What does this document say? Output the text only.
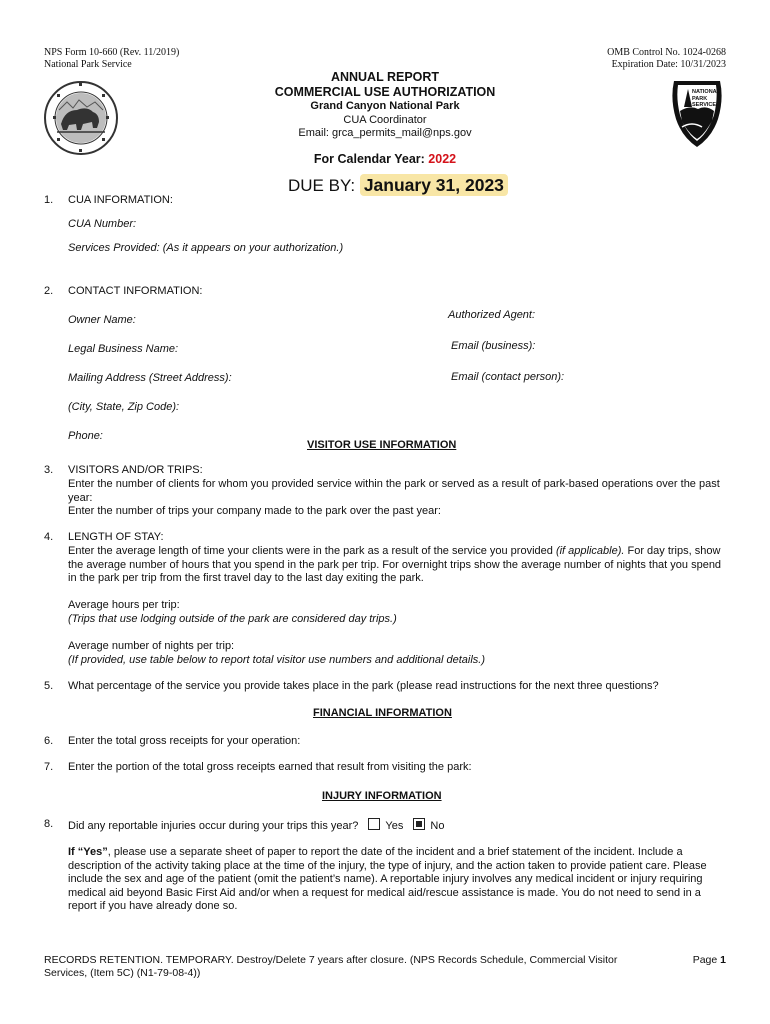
NPS Form 10-660 (Rev. 11/2019)
National Park Service
OMB Control No. 1024-0268
Expiration Date: 10/31/2023
NATIONAL PARK SERVICE
ANNUAL REPORT
COMMERCIAL USE AUTHORIZATION
Grand Canyon National Park
CUA Coordinator
Email: grca_permits_mail@nps.gov
For Calendar Year: 2022
DUE BY: January 31, 2023
1. CUA INFORMATION:
CUA Number:
Services Provided: (As it appears on your authorization.)
2. CONTACT INFORMATION:
Owner Name:
Legal Business Name:
Mailing Address (Street Address):
(City, State, Zip Code):
Phone:
Authorized Agent:
Email (business):
Email (contact person):
VISITOR USE INFORMATION
3. VISITORS AND/OR TRIPS:
Enter the number of clients for whom you provided service within the park or served as a result of park-based operations over the past year:
Enter the number of trips your company made to the park over the past year:
4. LENGTH OF STAY:
Enter the average length of time your clients were in the park as a result of the service you provided (if applicable). For day trips, show the average number of hours that you spend in the park per trip. For overnight trips show the average number of nights that you spend in the park per trip from the first travel day to the last day exiting the park.
Average hours per trip:
(Trips that use lodging outside of the park are considered day trips.)
Average number of nights per trip:
(If provided, use table below to report total visitor use numbers and additional details.)
5. What percentage of the service you provide takes place in the park (please read instructions for the next three questions?
FINANCIAL INFORMATION
6. Enter the total gross receipts for your operation:
7. Enter the portion of the total gross receipts earned that result from visiting the park:
INJURY INFORMATION
8. Did any reportable injuries occur during your trips this year? Yes No
If “Yes”, please use a separate sheet of paper to report the date of the incident and a brief statement of the incident. Include a description of the activity taking place at the time of the injury, the type of injury, and the action taken to provide patient care. Please include the sex and age of the patient (omit the patient’s name). A reportable injury involves any medical incident or injury requiring medical aid beyond Basic First Aid and/or when a request for medical aid/rescue assistance is made. You do not need to send in a report if you have already done so.
RECORDS RETENTION. TEMPORARY. Destroy/Delete 7 years after closure. (NPS Records Schedule, Commercial Visitor Services, (Item 5C) (N1-79-08-4))
Page 1
